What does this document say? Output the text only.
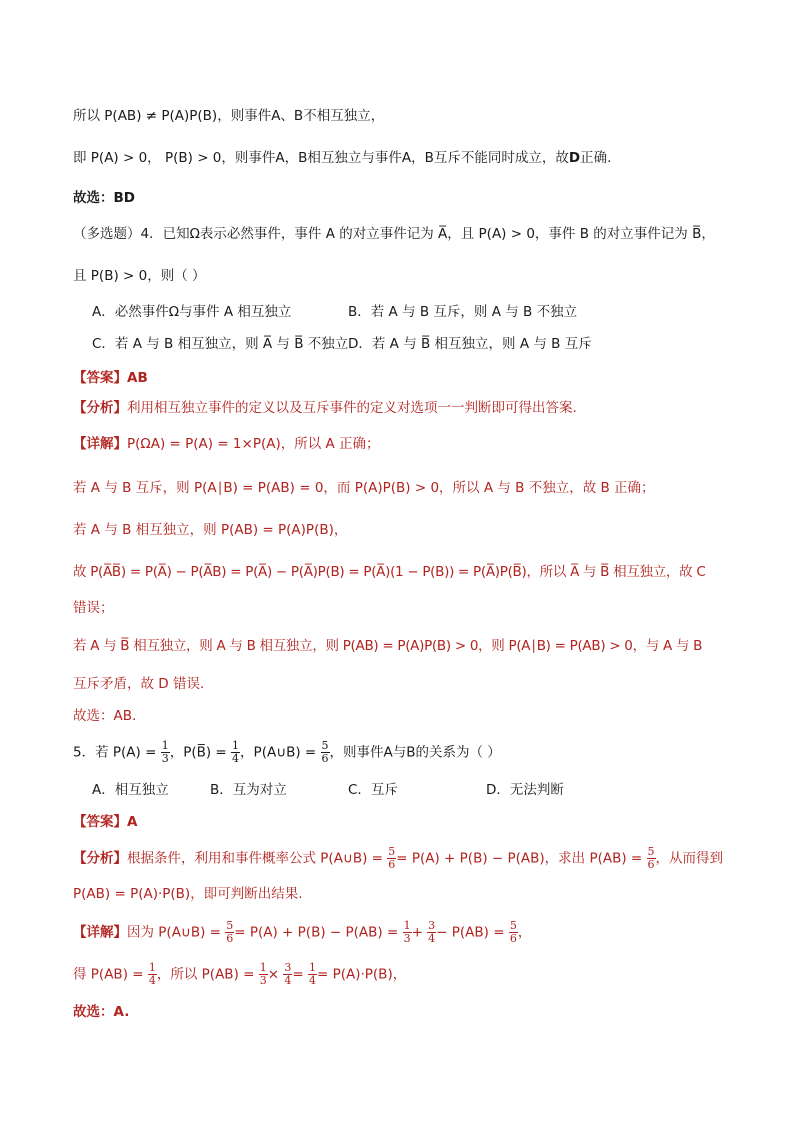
所以 P(AB) ≠ P(A)P(B)，则事件A、B不相互独立，
即 P(A) > 0， P(B) > 0，则事件A，B相互独立与事件A，B互斥不能同时成立，故D正确.
故选：BD
（多选题）4．已知Ω表示必然事件，事件 A 的对立事件记为 A̅，且 P(A) > 0，事件 B 的对立事件记为 B̅，
且 P(B) > 0，则（ ）
A．必然事件Ω与事件 A 相互独立	B．若 A 与 B 互斥，则 A 与 B 不独立
C．若 A 与 B 相互独立，则 A̅ 与 B̅ 不独立 D．若 A 与 B̅ 相互独立，则 A 与 B 互斥
【答案】AB
【分析】利用相互独立事件的定义以及互斥事件的定义对选项一一判断即可得出答案.
【详解】P(ΩA) = P(A) = 1×P(A)，所以 A 正确；
若 A 与 B 互斥，则 P(A∣B) = P(AB) = 0，而 P(A)P(B) > 0，所以 A 与 B 不独立，故 B 正确；
若 A 与 B 相互独立，则 P(AB) = P(A)P(B)，
故 P(A̅B̅) = P(A̅) − P(A̅B) = P(A̅) − P(A̅)P(B) = P(A̅)(1 − P(B)) = P(A̅)P(B̅)，所以 A̅ 与 B̅ 相互独立，故 C
错误；
若 A 与 B̅ 相互独立，则 A 与 B 相互独立，则 P(AB) = P(A)P(B) > 0，则 P(A∣B) = P(AB) > 0，与 A 与 B
互斥矛盾，故 D 错误.
故选：AB.
5．若 $P(A) = \frac{1}{3}$ ，P(B̅) = $\frac{1}{4}$ ，P(A∪B) = $\frac{5}{6}$ ，则事件A与B的关系为（ ）
A．相互独立	B．互为对立	C．互斥	D．无法判断
【答案】A
【分析】根据条件，利用和事件概率公式 P(A∪B) = $\frac{5}{6} = P(A) + P(B) - P(AB)$，求出 $P(AB) = \frac{5}{6}$ ，从而得到
P(AB) = P(A)·P(B)，即可判断出结果.
【详解】因为 P(A∪B) = $\frac{5}{6} = P(A) + P(B) - P(AB) = \frac{1}{3} + \frac{3}{4} - P(AB) = \frac{5}{6}$ ，
得 $P(AB) = \frac{1}{4}$ ，所以 $P(AB) = \frac{1}{3} \times \frac{3}{4} = \frac{1}{4} = P(A)\cdot P(B)$，
故选：A.
